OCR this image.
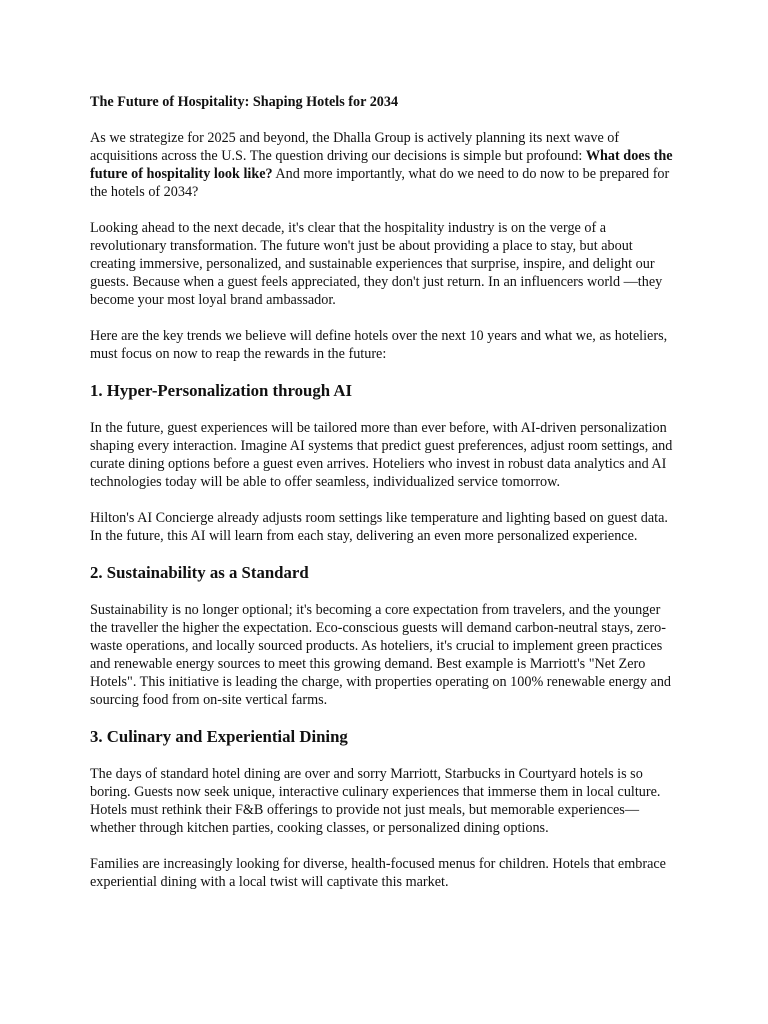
The Future of Hospitality: Shaping Hotels for 2034

As we strategize for 2025 and beyond, the Dhalla Group is actively planning its next wave of acquisitions across the U.S. The question driving our decisions is simple but profound: What does the future of hospitality look like? And more importantly, what do we need to do now to be prepared for the hotels of 2034?

Looking ahead to the next decade, it's clear that the hospitality industry is on the verge of a revolutionary transformation. The future won't just be about providing a place to stay, but about creating immersive, personalized, and sustainable experiences that surprise, inspire, and delight our guests. Because when a guest feels appreciated, they don't just return. In an influencers world —they become your most loyal brand ambassador.

Here are the key trends we believe will define hotels over the next 10 years and what we, as hoteliers, must focus on now to reap the rewards in the future:

1. Hyper-Personalization through AI

In the future, guest experiences will be tailored more than ever before, with AI-driven personalization shaping every interaction. Imagine AI systems that predict guest preferences, adjust room settings, and curate dining options before a guest even arrives. Hoteliers who invest in robust data analytics and AI technologies today will be able to offer seamless, individualized service tomorrow.

Hilton's AI Concierge already adjusts room settings like temperature and lighting based on guest data. In the future, this AI will learn from each stay, delivering an even more personalized experience.

2. Sustainability as a Standard

Sustainability is no longer optional; it's becoming a core expectation from travelers, and the younger the traveller the higher the expectation. Eco-conscious guests will demand carbon-neutral stays, zero-waste operations, and locally sourced products. As hoteliers, it's crucial to implement green practices and renewable energy sources to meet this growing demand. Best example is Marriott's "Net Zero Hotels". This initiative is leading the charge, with properties operating on 100% renewable energy and sourcing food from on-site vertical farms.

3. Culinary and Experiential Dining

The days of standard hotel dining are over and sorry Marriott, Starbucks in Courtyard hotels is so boring. Guests now seek unique, interactive culinary experiences that immerse them in local culture. Hotels must rethink their F&B offerings to provide not just meals, but memorable experiences—whether through kitchen parties, cooking classes, or personalized dining options.

Families are increasingly looking for diverse, health-focused menus for children. Hotels that embrace experiential dining with a local twist will captivate this market.
